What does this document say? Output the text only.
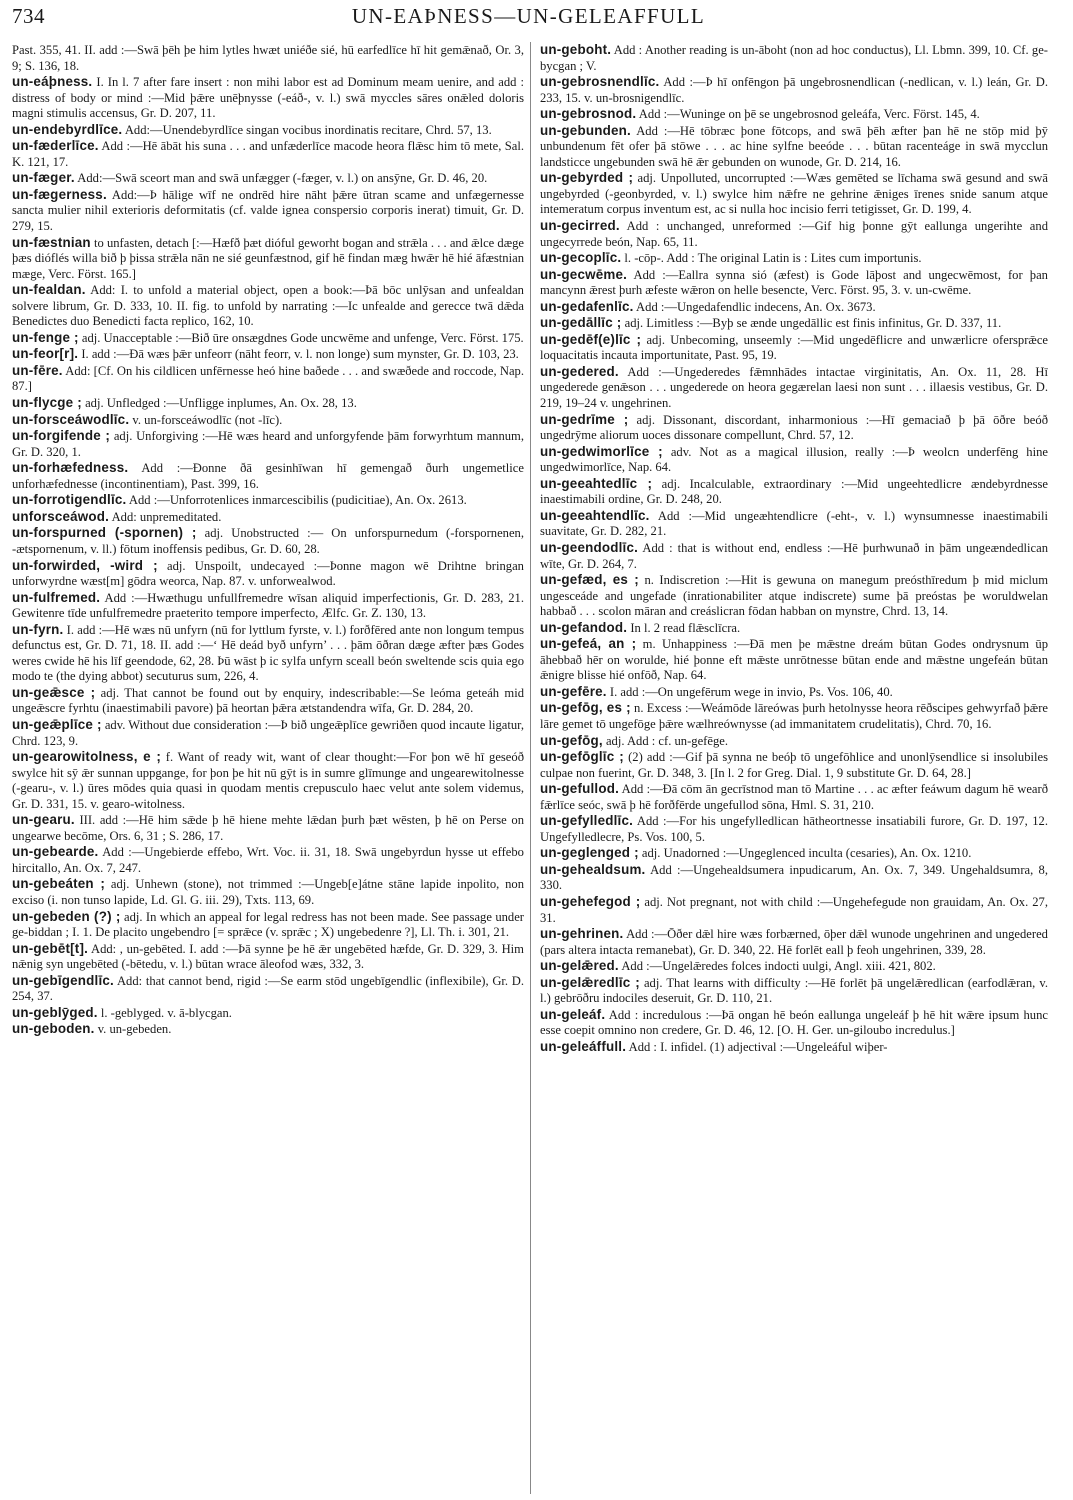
734	UN-EAÞNESS—UN-GELEAFFULL

Past. 355, 41. II. add :—Swā þēh þe him lytles hwæt uniéðe sié, hū earfedlīce hī hit gemǣnað, Or. 3, 9; S. 136, 18.

un-eáþness. I. In l. 7 after fare insert : non mihi labor est ad Dominum meam uenire, and add : distress of body or mind :—Mid þǣre unēþnysse (-eáð-, v. l.) swā myccles sāres onǣled doloris magni stimulis accensus, Gr. D. 207, 11.

un-endebyrdlīce. Add:—Unendebyrdlīce singan vocibus inordinatis recitare, Chrd. 57, 13.

un-fæderlīce. Add :—Hē ābāt his suna . . . and unfæderlīce macode heora flǣsc him tō mete, Sal. K. 121, 17.

un-fæger. Add:—Swā sceort man and swā unfægger (-fæger, v. l.) on ansȳne, Gr. D. 46, 20.

un-fægerness. Add:—Þ hālige wīf ne ondrēd hire nāht þǣre ūtran scame and unfægernesse sancta mulier nihil exterioris deformitatis (cf. valde ignea conspersio corporis inerat) timuit, Gr. D. 279, 15.

un-fæstnian to unfasten, detach [:—Hæfð þæt dióful geworht bogan and strǣla . . . and ǣlce dæge þæs dióflés willa bið þ þissa strǣla nān ne sié geunfæstnod, gif hē findan mæg hwǣr hē hié āfæstnian mæge, Verc. Först. 165.]

un-fealdan. Add: I. to unfold a material object, open a book:—Þā bōc unlȳsan and unfealdan solvere librum, Gr. D. 333, 10. II. fig. to unfold by narrating :—Ic unfealde and gerecce twā dǣda Benedictes duo Benedicti facta replico, 162, 10.

un-fenge ; adj. Unacceptable :—Bið ūre onsægdnes Gode uncwēme and unfenge, Verc. Först. 175.

un-feor[r]. I. add :—Ðā wæs þǣr unfeorr (nāht feorr, v. l. non longe) sum mynster, Gr. D. 103, 23.

un-fēre. Add: [Cf. On his cildlicen unfērnesse heó hine baðede . . . and swæðede and roccode, Nap. 87.]

un-flycge ; adj. Unfledged :—Unfligge inplumes, An. Ox. 28, 13.

un-forsceáwodlīc. v. un-forsceáwodlīc (not -līc).

un-forgifende ; adj. Unforgiving :—Hē wæs heard and unforgyfende þām forwyrhtum mannum, Gr. D. 320, 1.

un-forhæfedness. Add :—Ðonne ðā gesinhīwan hī gemengað ðurh ungemetlice unforhæfednesse (incontinentiam), Past. 399, 16.

un-forrotigendlīc. Add :—Unforrotenlices inmarcescibilis (pudicitiae), An. Ox. 2613.

unforsceáwod. Add: unpremeditated.

un-forspurned (-spornen) ; adj. Unobstructed :— On unforspurnedum (-forspornenen, -ætspornenum, v. ll.) fōtum inoffensis pedibus, Gr. D. 60, 28.

un-forwirded, -wird ; adj. Unspoilt, undecayed :—Þonne magon wē Drihtne bringan unforwyrdne wæst[m] gōdra weorca, Nap. 87. v. unforwealwod.

un-fulfremed. Add :—Hwæthugu unfullfremedre wīsan aliquid imperfectionis, Gr. D. 283, 21. Gewitenre tīde unfulfremedre praeterito tempore imperfecto, Ælfc. Gr. Z. 130, 13.

un-fyrn. I. add :—Hē wæs nū unfyrn (nū for lyttlum fyrste, v. l.) forðfēred ante non longum tempus defunctus est, Gr. D. 71, 18. II. add :—‘ Hē deád byð unfyrn’ . . . þām ōðran dæge æfter þæs Godes weres cwide hē his līf geendode, 62, 28. Þū wāst þ ic sylfa unfyrn sceall beón sweltende scis quia ego modo te (the dying abbot) secuturus sum, 226, 4.

un-geǣsce ; adj. That cannot be found out by enquiry, indescribable:—Se leóma geteáh mid ungeǣscre fyrhtu (inaestimabili pavore) þā heortan þǣra ætstandendra wīfa, Gr. D. 284, 20.

un-geǣplīce ; adv. Without due consideration :—Þ bið ungeǣplīce gewriðen quod incaute ligatur, Chrd. 123, 9.

un-gearowitolness, e ; f. Want of ready wit, want of clear thought:—For þon wē hī geseóð swylce hit sȳ ǣr sunnan uppgange, for þon þe hit nū gȳt is in sumre glīmunge and ungearewitolnesse (-gearu-, v. l.) ūres mōdes quia quasi in quodam mentis crepusculo haec velut ante solem videmus, Gr. D. 331, 15. v. gearo-witolness.

un-gearu. III. add :—Hē him sǣde þ hē hiene mehte lǣdan þurh þæt wēsten, þ hē on Perse on ungearwe becōme, Ors. 6, 31 ; S. 286, 17.

un-gebearde. Add :—Ungebierde effebo, Wrt. Voc. ii. 31, 18. Swā ungebyrdun hysse ut effebo hircitallo, An. Ox. 7, 247.

un-gebeáten ; adj. Unhewn (stone), not trimmed :—Ungeb[e]átne stāne lapide inpolito, non exciso (i. non tunso lapide, Ld. Gl. G. iii. 29), Txts. 113, 69.

un-gebeden (?) ; adj. In which an appeal for legal redress has not been made. See passage under ge-biddan ; I. 1. De placito ungebendro [= sprǣce (v. sprǣc ; X) ungebedenre ?], Ll. Th. i. 301, 21.

un-gebēt[t]. Add: , un-gebēted. I. add :—Þā synne þe hē ǣr ungebēted hæfde, Gr. D. 329, 3. Him nǣnig syn ungebēted (-bētedu, v. l.) būtan wrace āleofod wæs, 332, 3.

un-gebīgendlīc. Add: that cannot bend, rigid :—Se earm stōd ungebīgendlic (inflexibile), Gr. D. 254, 37.

un-geblȳged. l. -geblyged. v. ā-blycgan.

un-geboden. v. un-gebeden.

un-geboht. Add : Another reading is un-āboht (non ad hoc conductus), Ll. Lbmn. 399, 10. Cf. ge-bycgan ; V.

un-gebrosnendlīc. Add :—Þ hī onfēngon þā ungebrosnendlican (-nedlican, v. l.) leán, Gr. D. 233, 15. v. un-brosnigendlīc.

un-gebrosnod. Add :—Wuninge on þē se ungebrosnod geleáfa, Verc. Först. 145, 4.

un-gebunden. Add :—Hē tōbræc þone fōtcops, and swā þēh æfter þan hē ne stōp mid þȳ unbundenum fēt ofer þā stōwe . . . ac hine sylfne beeóde . . . būtan racenteáge in swā mycclun landsticce ungebunden swā hē ǣr gebunden on wunode, Gr. D. 214, 16.

un-gebyrded ; adj. Unpolluted, uncorrupted :—Wæs gemēted se līchama swā gesund and swā ungebyrded (-geonbyrded, v. l.) swylce him nǣfre ne gehrine ǣniges īrenes snide sanum atque intemeratum corpus inventum est, ac si nulla hoc incisio ferri tetigisset, Gr. D. 199, 4.

un-gecirred. Add : unchanged, unreformed :—Gif hig þonne gȳt eallunga ungerihte and ungecyrrede beón, Nap. 65, 11.

un-gecoplīc. l. -cōp-. Add : The original Latin is : Lites cum importunis.

un-gecwēme. Add :—Eallra synna sió (æfest) is Gode lāþost and ungecwēmost, for þan mancynn ǣrest þurh æfeste wǣron on helle besencte, Verc. Först. 95, 3. v. un-cwēme.

un-gedafenlīc. Add :—Ungedafendlic indecens, An. Ox. 3673.

un-gedāllīc ; adj. Limitless :—Byþ se ænde ungedāllic est finis infinitus, Gr. D. 337, 11.

un-gedēf(e)līc ; adj. Unbecoming, unseemly :—Mid ungedēflicre and unwærlicre ofersprǣce loquacitatis incauta importunitate, Past. 95, 19.

un-gedered. Add :—Ungederedes fǣmnhādes intactae virginitatis, An. Ox. 11, 28. Hī ungederede genǣson . . . ungederede on heora gegærelan laesi non sunt . . . illaesis vestibus, Gr. D. 219, 19–24 v. ungehrinen.

un-gedrīme ; adj. Dissonant, discordant, inharmonious :—Hī gemaciað þ þā ōðre beóð ungedrȳme aliorum uoces dissonare compellunt, Chrd. 57, 12.

un-gedwimorlīce ; adv. Not as a magical illusion, really :—Þ weolcn underfēng hine ungedwimorlīce, Nap. 64.

un-geeahtedlīc ; adj. Incalculable, extraordinary :—Mid ungeehtedlicre ændebyrdnesse inaestimabili ordine, Gr. D. 248, 20.

un-geeahtendlīc. Add :—Mid ungeæhtendlicre (-eht-, v. l.) wynsumnesse inaestimabili suavitate, Gr. D. 282, 21.

un-geendodlīc. Add : that is without end, endless :—Hē þurhwunað in þām ungeændedlican wīte, Gr. D. 264, 7.

un-gefæd, es ; n. Indiscretion :—Hit is gewuna on manegum preósthīredum þ mid miclum ungesceáde and ungefade (inrationabiliter atque indiscrete) sume þā preóstas þe woruldwelan habbað . . . scolon māran and creáslicran fōdan habban on mynstre, Chrd. 13, 14.

un-gefandod. In l. 2 read flǣsclīcra.

un-gefeá, an ; m. Unhappiness :—Ðā men þe mǣstne dreám būtan Godes ondrysnum ūp āhebbað hēr on worulde, hié þonne eft mǣste unrōtnesse būtan ende and mǣstne ungefeán būtan ǣnigre blisse hié onfōð, Nap. 64.

un-gefēre. I. add :—On ungefērum wege in invio, Ps. Vos. 106, 40.

un-gefōg, es ; n. Excess :—Weámōde lāreówas þurh hetolnysse heora rēðscipes gehwyrfað þǣre lāre gemet tō ungefōge þǣre wælhreównysse (ad immanitatem crudelitatis), Chrd. 70, 16.

un-gefōg, adj. Add : cf. un-gefēge.

un-gefōglīc ; (2) add :—Gif þā synna ne beóþ tō ungefōhlice and unonlȳsendlice si insolubiles culpae non fuerint, Gr. D. 348, 3. [In l. 2 for Greg. Dial. 1, 9 substitute Gr. D. 64, 28.]

un-gefullod. Add :—Ðā cōm ān gecrīstnod man tō Martine . . . ac æfter feáwum dagum hē wearð fǣrlīce seóc, swā þ hē forðfērde ungefullod sōna, Hml. S. 31, 210.

un-gefylledlīc. Add :—For his ungefylledlican hātheortnesse insatiabili furore, Gr. D. 197, 12. Ungefylledlecre, Ps. Vos. 100, 5.

un-geglenged ; adj. Unadorned :—Ungeglenced inculta (cesaries), An. Ox. 1210.

un-gehealdsum. Add :—Ungehealdsumera inpudicarum, An. Ox. 7, 349. Ungehaldsumra, 8, 330.

un-gehefegod ; adj. Not pregnant, not with child :—Ungehefegude non grauidam, An. Ox. 27, 31.

un-gehrinen. Add :—Ōðer dǣl hire wæs forbærned, ōþer dǣl wunode ungehrinen and ungedered (pars altera intacta remanebat), Gr. D. 340, 22. Hē forlēt eall þ feoh ungehrinen, 339, 28.

un-gelǣred. Add :—Ungelǣredes folces indocti uulgi, Angl. xiii. 421, 802.

un-gelǣredlīc ; adj. That learns with difficulty :—Hē forlēt þā ungelǣredlican (earfodlǣran, v. l.) gebrōðru indociles deseruit, Gr. D. 110, 21.

un-geleáf. Add : incredulous :—Þā ongan hē beón eallunga ungeleáf þ hē hit wǣre ipsum hunc esse coepit omnino non credere, Gr. D. 46, 12. [O. H. Ger. un-giloubo incredulus.]

un-geleáffull. Add : I. infidel. (1) adjectival :—Ungeleáful wiþer-
